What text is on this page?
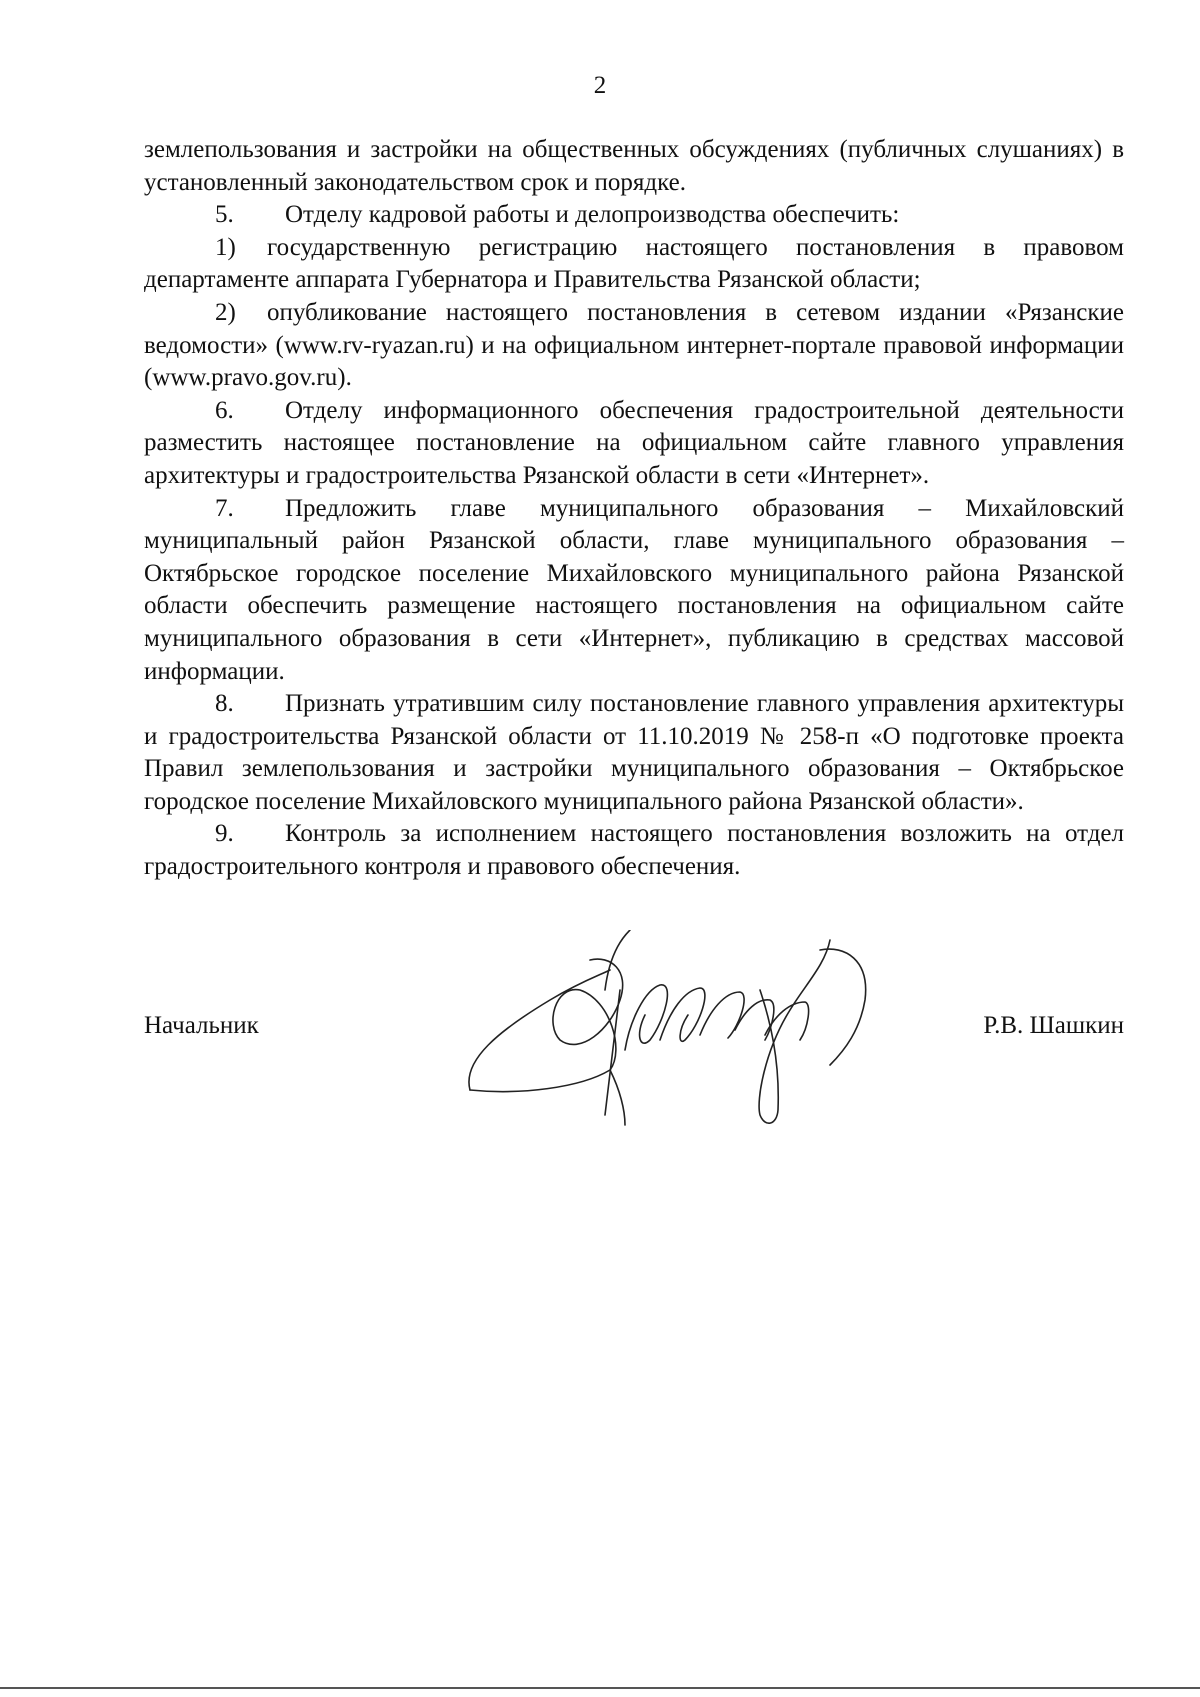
2

землепользования и застройки на общественных обсуждениях (публичных слушаниях) в установленный законодательством срок и порядке.

5. Отделу кадровой работы и делопроизводства обеспечить:

1) государственную регистрацию настоящего постановления в правовом департаменте аппарата Губернатора и Правительства Рязанской области;

2) опубликование настоящего постановления в сетевом издании «Рязанские ведомости» (www.rv-ryazan.ru) и на официальном интернет-портале правовой информации (www.pravo.gov.ru).

6. Отделу информационного обеспечения градостроительной деятельности разместить настоящее постановление на официальном сайте главного управления архитектуры и градостроительства Рязанской области в сети «Интернет».

7. Предложить главе муниципального образования – Михайловский муниципальный район Рязанской области, главе муниципального образования – Октябрьское городское поселение Михайловского муниципального района Рязанской области обеспечить размещение настоящего постановления на официальном сайте муниципального образования в сети «Интернет», публикацию в средствах массовой информации.

8. Признать утратившим силу постановление главного управления архитектуры и градостроительства Рязанской области от 11.10.2019 № 258-п «О подготовке проекта Правил землепользования и застройки муниципального образования – Октябрьское городское поселение Михайловского муниципального района Рязанской области».

9. Контроль за исполнением настоящего постановления возложить на отдел градостроительного контроля и правового обеспечения.

Начальник	Р.В. Шашкин
